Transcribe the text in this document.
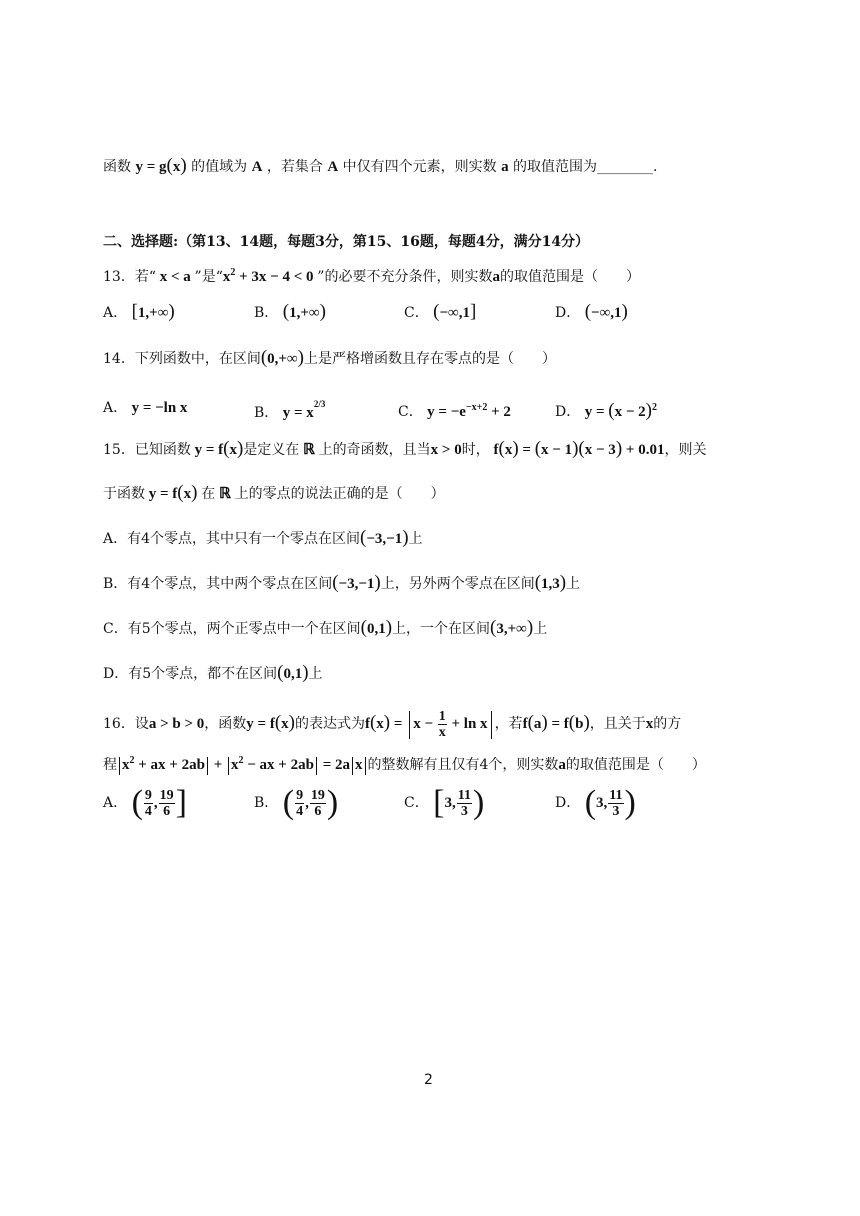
函数 y = g(x) 的值域为 A ，若集合 A 中仅有四个元素，则实数 a 的取值范围为________.
二、选择题:（第13、14题，每题3分，第15、16题，每题4分，满分14分）
13．若“ x < a ”是“$x^2 + 3x - 4 < 0$ ”的必要不充分条件，则实数a的取值范围是（　　）
A． [1,+∞)	B． (1,+∞)	C． (−∞,1]	D． (−∞,1)
14．下列函数中，在区间(0,+∞)上是严格增函数且存在零点的是（　　）
A． y = −ln x	B． $y = x^{2/3}$	C． $y = -e^{-x+2} + 2$	D． $y = (x - 2)^2$
15．已知函数 y = f(x)是定义在 ℝ 上的奇函数，且当x > 0时， f(x) = (x − 1)(x − 3) + 0.01，则关
于函数 y = f(x) 在 ℝ 上的零点的说法正确的是（　　）
A．有4个零点，其中只有一个零点在区间(−3,−1)上
B．有4个零点，其中两个零点在区间(−3,−1)上，另外两个零点在区间(1,3)上
C．有5个零点，两个正零点中一个在区间(0,1)上，一个在区间(3,+∞)上
D．有5个零点，都不在区间(0,1)上
16．设a > b > 0，函数y = f(x)的表达式为$f(x) = x - \frac{1}{x} + \ln x$ ，若f(a) = f(b)，且关于x的方
程 $x^2$ + ax + $2ab + x^2$ − ax + 2ab = 2a x 的整数解有且仅有4个，则实数a的取值范围是（　　）
A． ( $\frac{9}{4}$ , $\frac{19}{6}$ ]	B． ( $\frac{9}{4}$ , $\frac{19}{6}$ )	C． [3, $\frac{11}{3}$ )	D． (3, $\frac{11}{3}$ )
2
